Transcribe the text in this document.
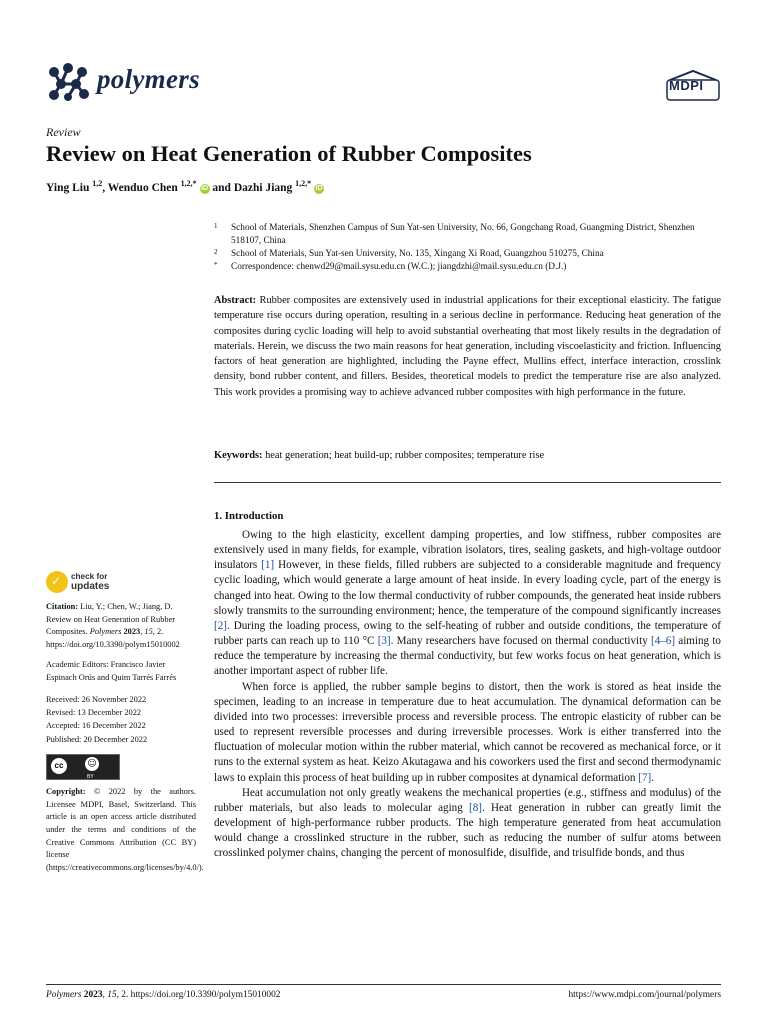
polymers	MDPI
Review
Review on Heat Generation of Rubber Composites
Ying Liu $^{1,2}$, Wenduo Chen $^{1,2,*}$ iD and Dazhi Jiang $^{1,2,*}$ iD
1 School of Materials, Shenzhen Campus of Sun Yat-sen University, No. 66, Gongchang Road, Guangming District, Shenzhen 518107, China
2 School of Materials, Sun Yat-sen University, No. 135, Xingang Xi Road, Guangzhou 510275, China
* Correspondence: chenwd29@mail.sysu.edu.cn (W.C.); jiangdzhi@mail.sysu.edu.cn (D.J.)
Abstract: Rubber composites are extensively used in industrial applications for their exceptional elasticity. The fatigue temperature rise occurs during operation, resulting in a serious decline in performance. Reducing heat generation of the composites during cyclic loading will help to avoid substantial overheating that most likely results in the degradation of materials. Herein, we discuss the two main reasons for heat generation, including viscoelasticity and friction. Influencing factors of heat generation are highlighted, including the Payne effect, Mullins effect, interface interaction, crosslink density, bond rubber content, and fillers. Besides, theoretical models to predict the temperature rise are also analyzed. This work provides a promising way to achieve advanced rubber composites with high performance in the future.
Keywords: heat generation; heat build-up; rubber composites; temperature rise
1. Introduction

Owing to the high elasticity, excellent damping properties, and low stiffness, rubber composites are extensively used in many fields, for example, vibration isolators, tires, sealing gaskets, and high-voltage outdoor insulators [1] However, in these fields, filled rubbers are subjected to a considerable magnitude and frequency cyclic loading, which would generate a large amount of heat inside. In every loading cycle, part of the energy is changed into heat. Owing to the low thermal conductivity of rubber compounds, the generated heat inside rubbers slowly transmits to the surrounding environment; hence, the temperature of the compound significantly increases [2]. During the loading process, owing to the self-heating of rubber and outside conditions, the temperature of rubber parts can reach up to 110 °C [3]. Many researchers have focused on thermal conductivity [4–6] aiming to reduce the temperature by increasing the thermal conductivity, but few works focus on heat generation, which is another important aspect of rubber life.

When force is applied, the rubber sample begins to distort, then the work is stored as heat inside the specimen, leading to an increase in temperature due to heat accumulation. The dynamical deformation can be divided into two processes: irreversible process and reversible process. The entropic elasticity of rubber can be used to represent reversible processes and during irreversible processes. Work is either transferred into the fluctuation of molecular motion within the rubber material, which cannot be recovered as mechanical force, or it runs to the external system as heat. Keizo Akutagawa and his coworkers used the first and second thermodynamic laws to explain this process of heat building up in rubber composites at dynamical deformation [7].

Heat accumulation not only greatly weakens the mechanical properties (e.g., stiffness and modulus) of the rubber materials, but also leads to molecular aging [8]. Heat generation in rubber can greatly limit the development of high-performance rubber products. The high temperature generated from heat accumulation would change a crosslinked structure in the rubber, such as reducing the number of sulfur atoms between crosslinked polymer chains, changing the percent of monosulfide, disulfide, and trisulfide bonds, and thus

✓ check for
updates
Citation: Liu, Y.; Chen, W.; Jiang, D. Review on Heat Generation of Rubber Composites. Polymers 2023, 15, 2. https://doi.org/10.3390/polym15010002
Academic Editors: Francisco Javier Espinach Orús and Quim Tarrés Farrés
Received: 26 November 2022
Revised: 13 December 2022
Accepted: 16 December 2022
Published: 20 December 2022
cc	☺
BY
Copyright: © 2022 by the authors. Licensee MDPI, Basel, Switzerland. This article is an open access article distributed under the terms and conditions of the Creative Commons Attribution (CC BY) license (https://creativecommons.org/licenses/by/4.0/).
Polymers 2023, 15, 2. https://doi.org/10.3390/polym15010002	https://www.mdpi.com/journal/polymers
